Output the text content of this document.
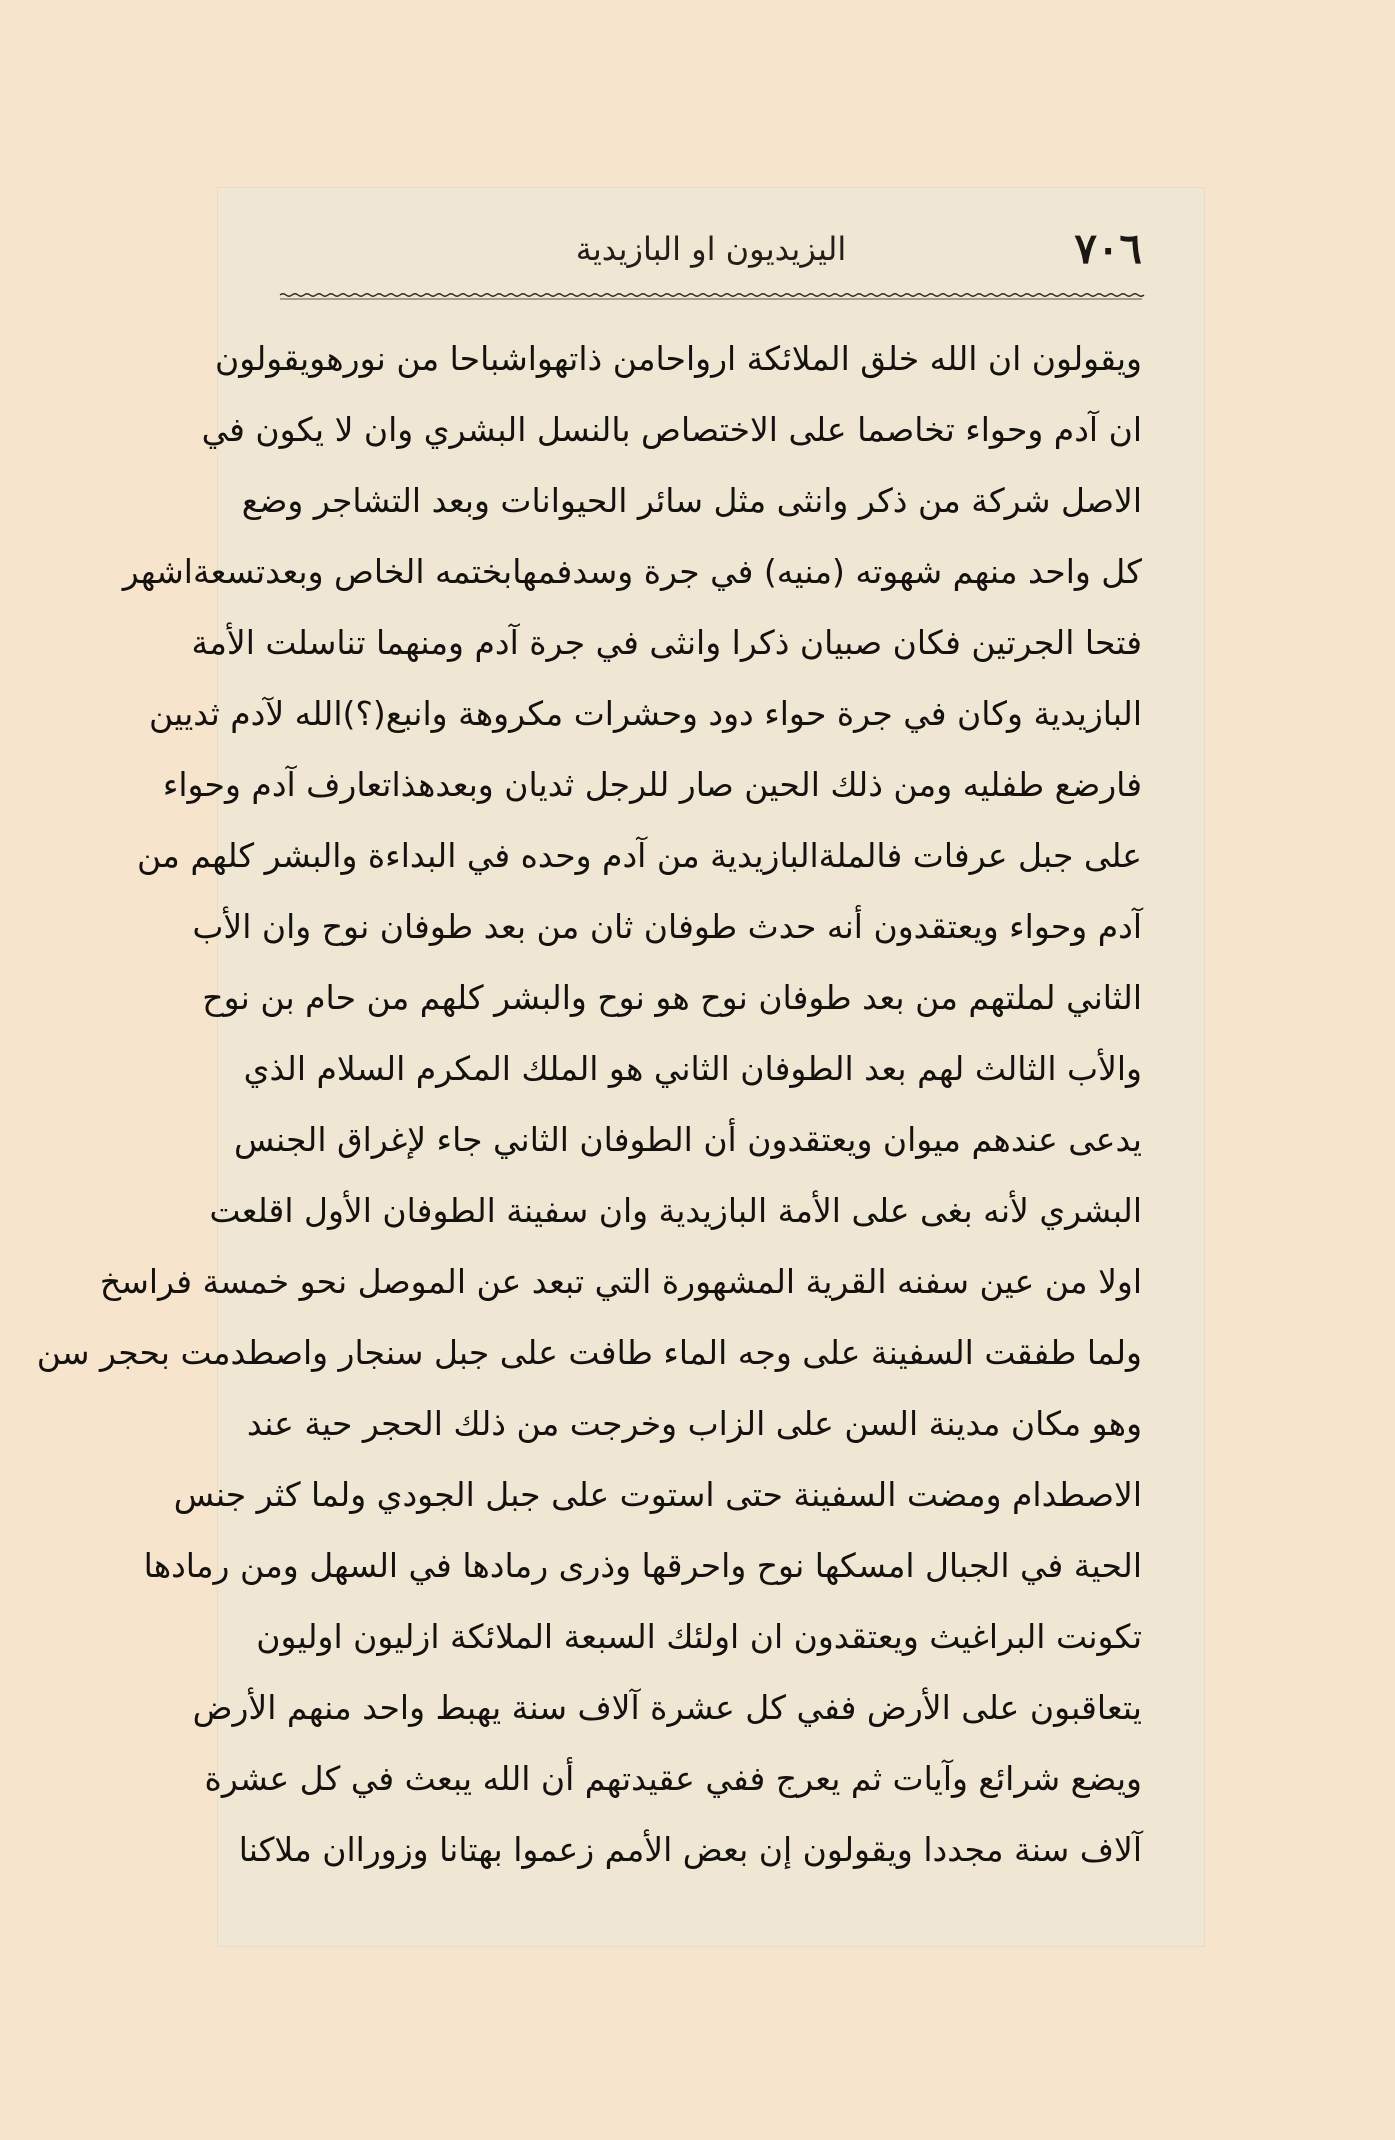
٧٠٦
اليزيديون او البازيدية
ويقولون ان الله خلق الملائكة ارواحامن ذاتهواشباحا من نورهويقولون
ان آدم وحواء تخاصما على الاختصاص بالنسل البشري وان لا يكون في
الاصل شركة من ذكر وانثى مثل سائر الحيوانات وبعد التشاجر وضع
كل واحد منهم شهوته (منيه) في جرة وسدفمهابختمه الخاص وبعدتسعةاشهر
فتحا الجرتين فكان صبيان ذكرا وانثى في جرة آدم ومنهما تناسلت الأمة
البازيدية وكان في جرة حواء دود وحشرات مكروهة وانبع(؟)الله لآدم ثديين
فارضع طفليه ومن ذلك الحين صار للرجل ثديان وبعدهذاتعارف آدم وحواء
على جبل عرفات فالملةالبازيدية من آدم وحده في البداءة والبشر كلهم من
آدم وحواء ويعتقدون أنه حدث طوفان ثان من بعد طوفان نوح وان الأب
الثاني لملتهم من بعد طوفان نوح هو نوح والبشر كلهم من حام بن نوح
والأب الثالث لهم بعد الطوفان الثاني هو الملك المكرم السلام الذي
يدعى عندهم ميوان ويعتقدون أن الطوفان الثاني جاء لإغراق الجنس
البشري لأنه بغى على الأمة البازيدية وان سفينة الطوفان الأول اقلعت
اولا من عين سفنه القرية المشهورة التي تبعد عن الموصل نحو خمسة فراسخ
ولما طفقت السفينة على وجه الماء طافت على جبل سنجار واصطدمت بحجر سن
وهو مكان مدينة السن على الزاب وخرجت من ذلك الحجر حية عند
الاصطدام ومضت السفينة حتى استوت على جبل الجودي ولما كثر جنس
الحية في الجبال امسكها نوح واحرقها وذرى رمادها في السهل ومن رمادها
تكونت البراغيث ويعتقدون ان اولئك السبعة الملائكة ازليون اوليون
يتعاقبون على الأرض ففي كل عشرة آلاف سنة يهبط واحد منهم الأرض
ويضع شرائع وآيات ثم يعرج ففي عقيدتهم أن الله يبعث في كل عشرة
آلاف سنة مجددا ويقولون إن بعض الأمم زعموا بهتانا وزوراان ملاكنا
